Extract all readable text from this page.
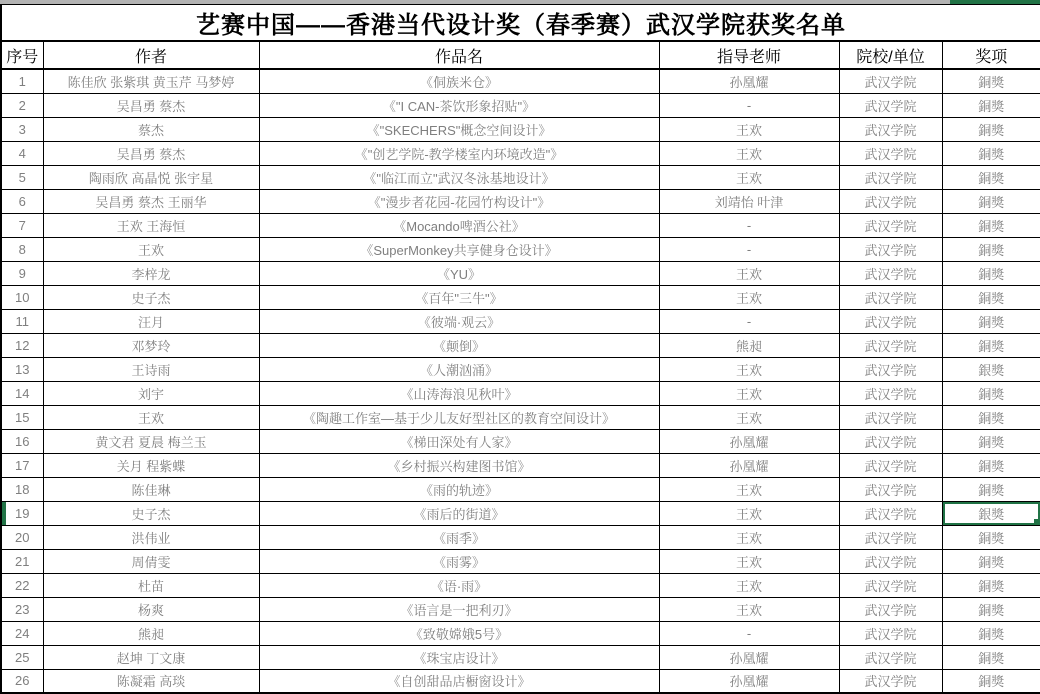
艺赛中国——香港当代设计奖（春季赛）武汉学院获奖名单					
序号	作者	作品名	指导老师	院校/单位	奖项
1	陈佳欣 张紫琪 黄玉芹 马梦婷	《侗族米仓》	孙凰耀	武汉学院	銅獎
2	吴昌勇 蔡杰	《"I CAN-茶饮形象招贴"》	-	武汉学院	銅獎
3	蔡杰	《"SKECHERS"概念空间设计》	王欢	武汉学院	銅獎
4	吴昌勇 蔡杰	《"创艺学院-教学楼室内环境改造"》	王欢	武汉学院	銅獎
5	陶雨欣 高晶悦 张宇星	《"临江而立"武汉冬泳基地设计》	王欢	武汉学院	銅獎
6	吴昌勇 蔡杰 王丽华	《"漫步者花园-花园竹构设计"》	刘靖怡 叶津	武汉学院	銅獎
7	王欢 王海恒	《Mocando啤酒公社》	-	武汉学院	銅獎
8	王欢	《SuperMonkey共享健身仓设计》	-	武汉学院	銅獎
9	李梓龙	《YU》	王欢	武汉学院	銅獎
10	史子杰	《百年"三牛"》	王欢	武汉学院	銅獎
11	汪月	《彼端·观云》	-	武汉学院	銅獎
12	邓梦玲	《颠倒》	熊昶	武汉学院	銅獎
13	王诗雨	《人潮汹涌》	王欢	武汉学院	銀獎
14	刘宇	《山涛海浪见秋叶》	王欢	武汉学院	銅獎
15	王欢	《陶趣工作室—基于少儿友好型社区的教育空间设计》	王欢	武汉学院	銅獎
16	黄文君 夏晨 梅兰玉	《梯田深处有人家》	孙凰耀	武汉学院	銅獎
17	关月 程紫蝶	《乡村振兴构建图书馆》	孙凰耀	武汉学院	銅獎
18	陈佳琳	《雨的轨迹》	王欢	武汉学院	銅獎
19	史子杰	《雨后的街道》	王欢	武汉学院	銀獎

20	洪伟业	《雨季》	王欢	武汉学院	銅獎
21	周倩雯	《雨雾》	王欢	武汉学院	銅獎
22	杜苗	《语·雨》	王欢	武汉学院	銅獎
23	杨爽	《语言是一把利刃》	王欢	武汉学院	銅獎
24	熊昶	《致敬嫦娥5号》	-	武汉学院	銅獎
25	赵坤 丁文康	《珠宝店设计》	孙凰耀	武汉学院	銅獎
26	陈凝霜 高琰	《自创甜品店橱窗设计》	孙凰耀	武汉学院	銅獎
